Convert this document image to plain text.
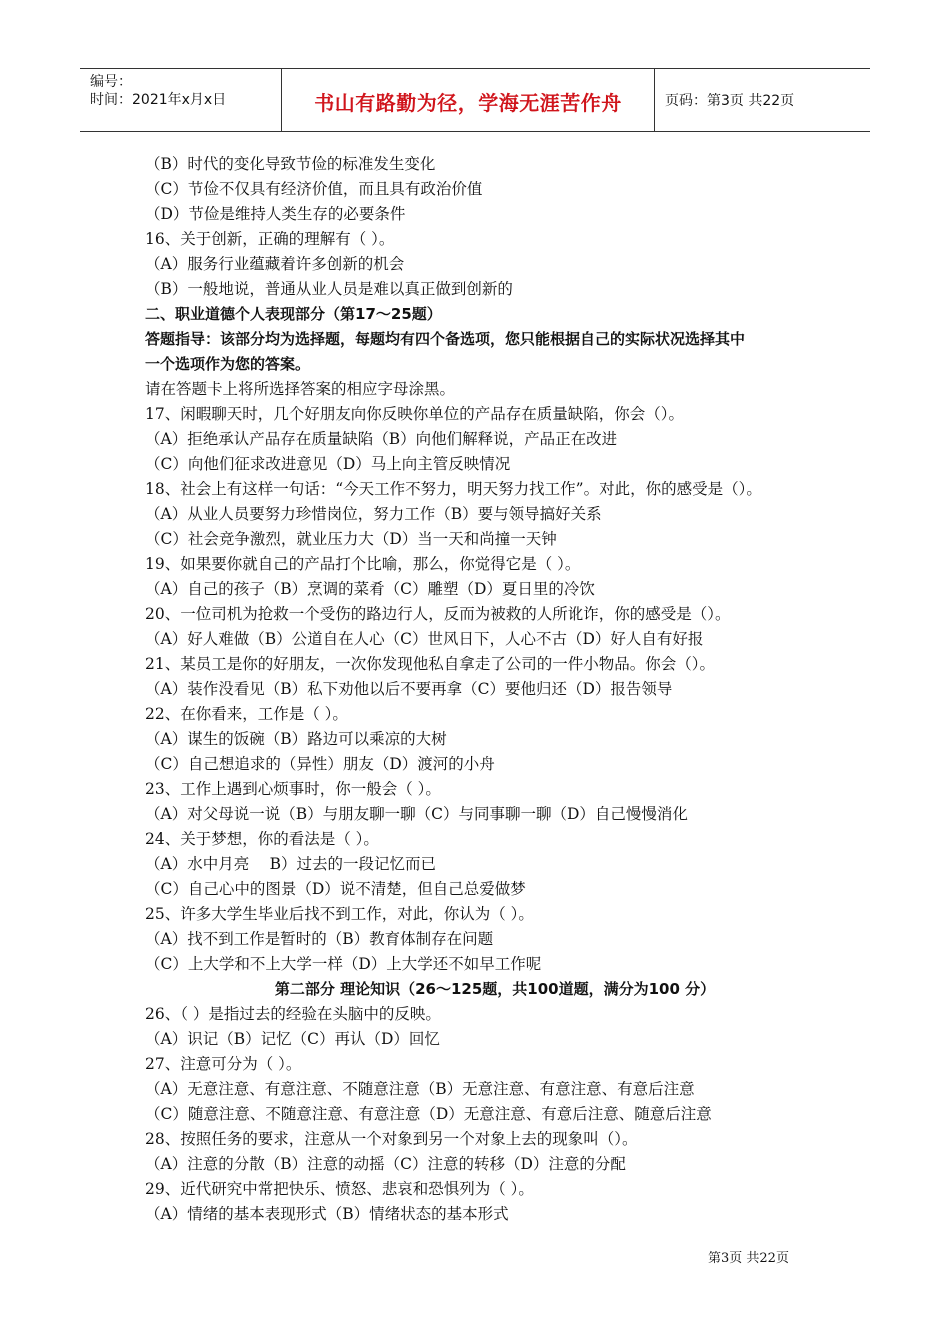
编号：
时间：2021年x月x日	书山有路勤为径，学海无涯苦作舟	页码：第3页 共22页
（B）时代的变化导致节俭的标准发生变化
（C）节俭不仅具有经济价值，而且具有政治价值
（D）节俭是维持人类生存的必要条件
16、关于创新，正确的理解有（ ）。
（A）服务行业蕴藏着许多创新的机会
（B）一般地说，普通从业人员是难以真正做到创新的
二、职业道德个人表现部分（第17～25题）
答题指导：该部分均为选择题，每题均有四个备选项，您只能根据自己的实际状况选择其中
一个选项作为您的答案。
请在答题卡上将所选择答案的相应字母涂黑。
17、闲暇聊天时，几个好朋友向你反映你单位的产品存在质量缺陷，你会（）。
（A）拒绝承认产品存在质量缺陷（B）向他们解释说，产品正在改进
（C）向他们征求改进意见（D）马上向主管反映情况
18、社会上有这样一句话：“今天工作不努力，明天努力找工作”。对此，你的感受是（）。
（A）从业人员要努力珍惜岗位，努力工作（B）要与领导搞好关系
（C）社会竞争激烈，就业压力大（D）当一天和尚撞一天钟
19、如果要你就自己的产品打个比喻，那么，你觉得它是（ ）。
（A）自己的孩子（B）烹调的菜肴（C）雕塑（D）夏日里的冷饮
20、一位司机为抢救一个受伤的路边行人，反而为被救的人所讹诈，你的感受是（）。
（A）好人难做（B）公道自在人心（C）世风日下，人心不古（D）好人自有好报
21、某员工是你的好朋友，一次你发现他私自拿走了公司的一件小物品。你会（）。
（A）装作没看见（B）私下劝他以后不要再拿（C）要他归还（D）报告领导
22、在你看来，工作是（ ）。
（A）谋生的饭碗（B）路边可以乘凉的大树
（C）自己想追求的（异性）朋友（D）渡河的小舟
23、工作上遇到心烦事时，你一般会（ ）。
（A）对父母说一说（B）与朋友聊一聊（C）与同事聊一聊（D）自己慢慢消化
24、关于梦想，你的看法是（ ）。
（A）水中月亮　 B）过去的一段记忆而已
（C）自己心中的图景（D）说不清楚，但自己总爱做梦
25、许多大学生毕业后找不到工作，对此，你认为（ ）。
（A）找不到工作是暂时的（B）教育体制存在问题
（C）上大学和不上大学一样（D）上大学还不如早工作呢
第二部分 理论知识（26～125题，共100道题，满分为100 分）
26、（ ）是指过去的经验在头脑中的反映。
（A）识记（B）记忆（C）再认（D）回忆
27、注意可分为（ ）。
（A）无意注意、有意注意、不随意注意（B）无意注意、有意注意、有意后注意
（C）随意注意、不随意注意、有意注意（D）无意注意、有意后注意、随意后注意
28、按照任务的要求，注意从一个对象到另一个对象上去的现象叫（）。
（A）注意的分散（B）注意的动摇（C）注意的转移（D）注意的分配
29、近代研究中常把快乐、愤怒、悲哀和恐惧列为（ ）。
（A）情绪的基本表现形式（B）情绪状态的基本形式
第3页 共22页
